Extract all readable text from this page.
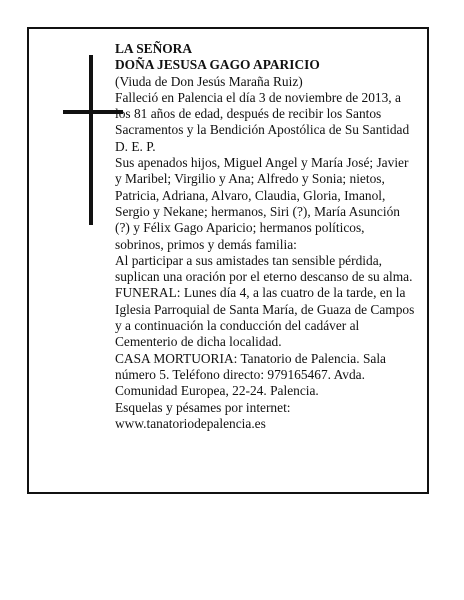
LA SEÑORA
DOÑA JESUSA GAGO APARICIO
(Viuda de Don Jesús Maraña Ruiz)
Falleció en Palencia el día 3 de noviembre de 2013, a
los 81 años de edad, después de recibir los Santos
Sacramentos y la Bendición Apostólica de Su Santidad
D. E. P.
Sus apenados hijos, Miguel Angel y María José; Javier
y Maribel; Virgilio y Ana; Alfredo y Sonia; nietos,
Patricia, Adriana, Alvaro, Claudia, Gloria, Imanol,
Sergio y Nekane; hermanos, Siri (?), María Asunción
(?) y Félix Gago Aparicio; hermanos políticos,
sobrinos, primos y demás familia:
Al participar a sus amistades tan sensible pérdida,
suplican una oración por el eterno descanso de su alma.
FUNERAL: Lunes día 4, a las cuatro de la tarde, en la
Iglesia Parroquial de Santa María, de Guaza de Campos
y a continuación la conducción del cadáver al
Cementerio de dicha localidad.
CASA MORTUORIA: Tanatorio de Palencia. Sala
número 5. Teléfono directo: 979165467. Avda.
Comunidad Europea, 22-24. Palencia.
Esquelas y pésames por internet:
www.tanatoriodepalencia.es
